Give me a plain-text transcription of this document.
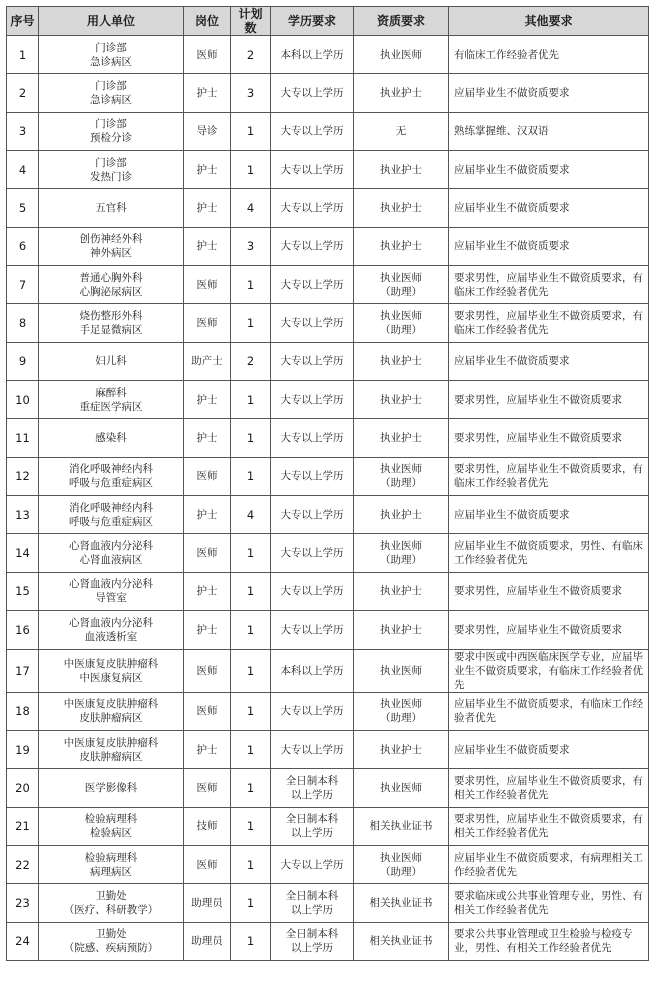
序号	用人单位	岗位	计划数	学历要求	资质要求	其他要求

1	门诊部
急诊病区	医师	2	本科以上学历	执业医师	有临床工作经验者优先

2	门诊部
急诊病区	护士	3	大专以上学历	执业护士	应届毕业生不做资质要求

3	门诊部
预检分诊	导诊	1	大专以上学历	无	熟练掌握维、汉双语

4	门诊部
发热门诊	护士	1	大专以上学历	执业护士	应届毕业生不做资质要求

5	五官科	护士	4	大专以上学历	执业护士	应届毕业生不做资质要求

6	创伤神经外科
神外病区	护士	3	大专以上学历	执业护士	应届毕业生不做资质要求

7	普通心胸外科
心胸泌尿病区	医师	1	大专以上学历	执业医师
（助理）	要求男性，应届毕业生不做资质要求，有临床工作经验者优先

8	烧伤整形外科
手足显微病区	医师	1	大专以上学历	执业医师
（助理）	要求男性，应届毕业生不做资质要求，有临床工作经验者优先

9	妇儿科	助产士	2	大专以上学历	执业护士	应届毕业生不做资质要求

10	麻醉科
重症医学病区	护士	1	大专以上学历	执业护士	要求男性，应届毕业生不做资质要求

11	感染科	护士	1	大专以上学历	执业护士	要求男性，应届毕业生不做资质要求

12	消化呼吸神经内科
呼吸与危重症病区	医师	1	大专以上学历	执业医师
（助理）	要求男性，应届毕业生不做资质要求，有临床工作经验者优先

13	消化呼吸神经内科
呼吸与危重症病区	护士	4	大专以上学历	执业护士	应届毕业生不做资质要求

14	心肾血液内分泌科
心肾血液病区	医师	1	大专以上学历	执业医师
（助理）	应届毕业生不做资质要求，男性、有临床工作经验者优先

15	心肾血液内分泌科
导管室	护士	1	大专以上学历	执业护士	要求男性，应届毕业生不做资质要求

16	心肾血液内分泌科
血液透析室	护士	1	大专以上学历	执业护士	要求男性，应届毕业生不做资质要求

17	中医康复皮肤肿瘤科
中医康复病区	医师	1	本科以上学历	执业医师	要求中医或中西医临床医学专业，应届毕业生不做资质要求，有临床工作经验者优先

18	中医康复皮肤肿瘤科
皮肤肿瘤病区	医师	1	大专以上学历	执业医师
（助理）	应届毕业生不做资质要求，有临床工作经验者优先

19	中医康复皮肤肿瘤科
皮肤肿瘤病区	护士	1	大专以上学历	执业护士	应届毕业生不做资质要求

20	医学影像科	医师	1	全日制本科
以上学历	执业医师	要求男性，应届毕业生不做资质要求，有相关工作经验者优先

21	检验病理科
检验病区	技师	1	全日制本科
以上学历	相关执业证书	要求男性，应届毕业生不做资质要求，有相关工作经验者优先

22	检验病理科
病理病区	医师	1	大专以上学历	执业医师
（助理）	应届毕业生不做资质要求，有病理相关工作经验者优先

23	卫勤处
（医疗、科研教学）	助理员	1	全日制本科
以上学历	相关执业证书	要求临床或公共事业管理专业，男性、有相关工作经验者优先

24	卫勤处
（院感、疾病预防）	助理员	1	全日制本科
以上学历	相关执业证书	要求公共事业管理或卫生检验与检疫专业，男性、有相关工作经验者优先
